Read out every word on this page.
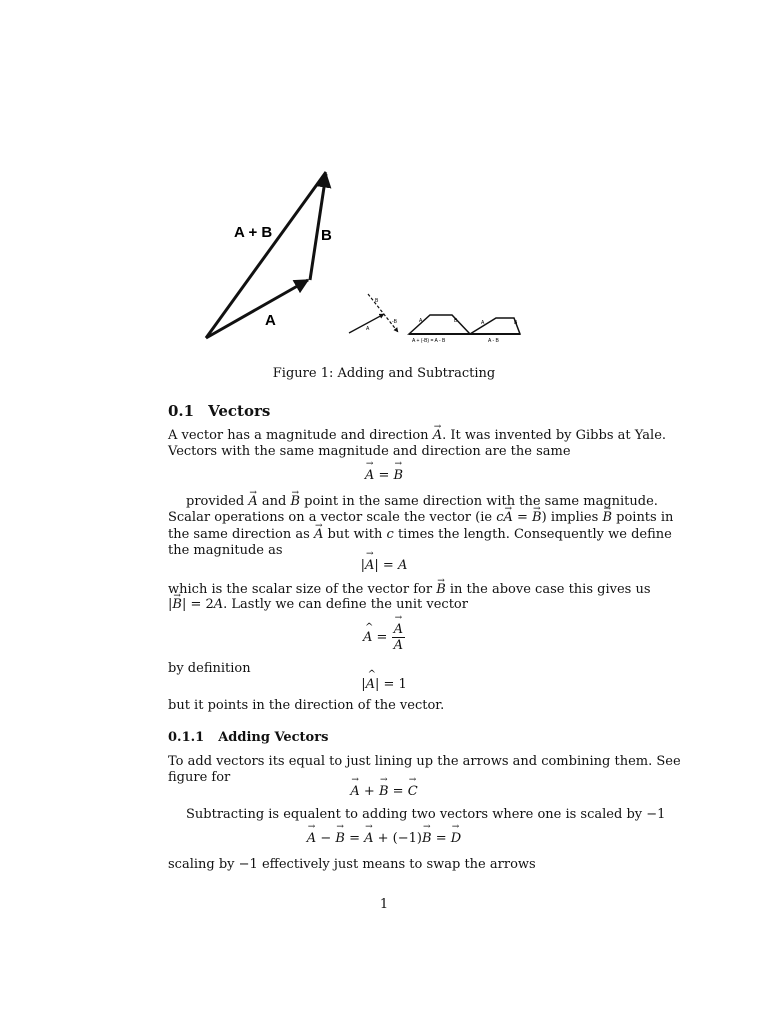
A + B	B
A
B
A
-B	A	B
A + (-B) = A - B
A	B
A - B
Figure 1: Adding and Subtracting
0.1 Vectors
A vector has a magnitude and direction → A. It was invented by Gibbs at Yale.
Vectors with the same magnitude and direction are the same
→ A = → B
provided → A and → B point in the same direction with the same magnitude.
Scalar operations on a vector scale the vector (ie c→ A = → B) implies → B points in
the same direction as → A but with c times the length. Consequently we define
the magnitude as
|→ A| = A
which is the scalar size of the vector for → B in the above case this gives us
|→ B| = 2A. Lastly we can define the unit vector
^ A = → $\frac{A}{A}$
by definition
|^ A| = 1
but it points in the direction of the vector.
0.1.1 Adding Vectors
To add vectors its equal to just lining up the arrows and combining them. See
figure for
→ A + → B = → C
Subtracting is equalent to adding two vectors where one is scaled by −1
→ A − → B = → A + (−1)→ B = → D
scaling by −1 effectively just means to swap the arrows
1
